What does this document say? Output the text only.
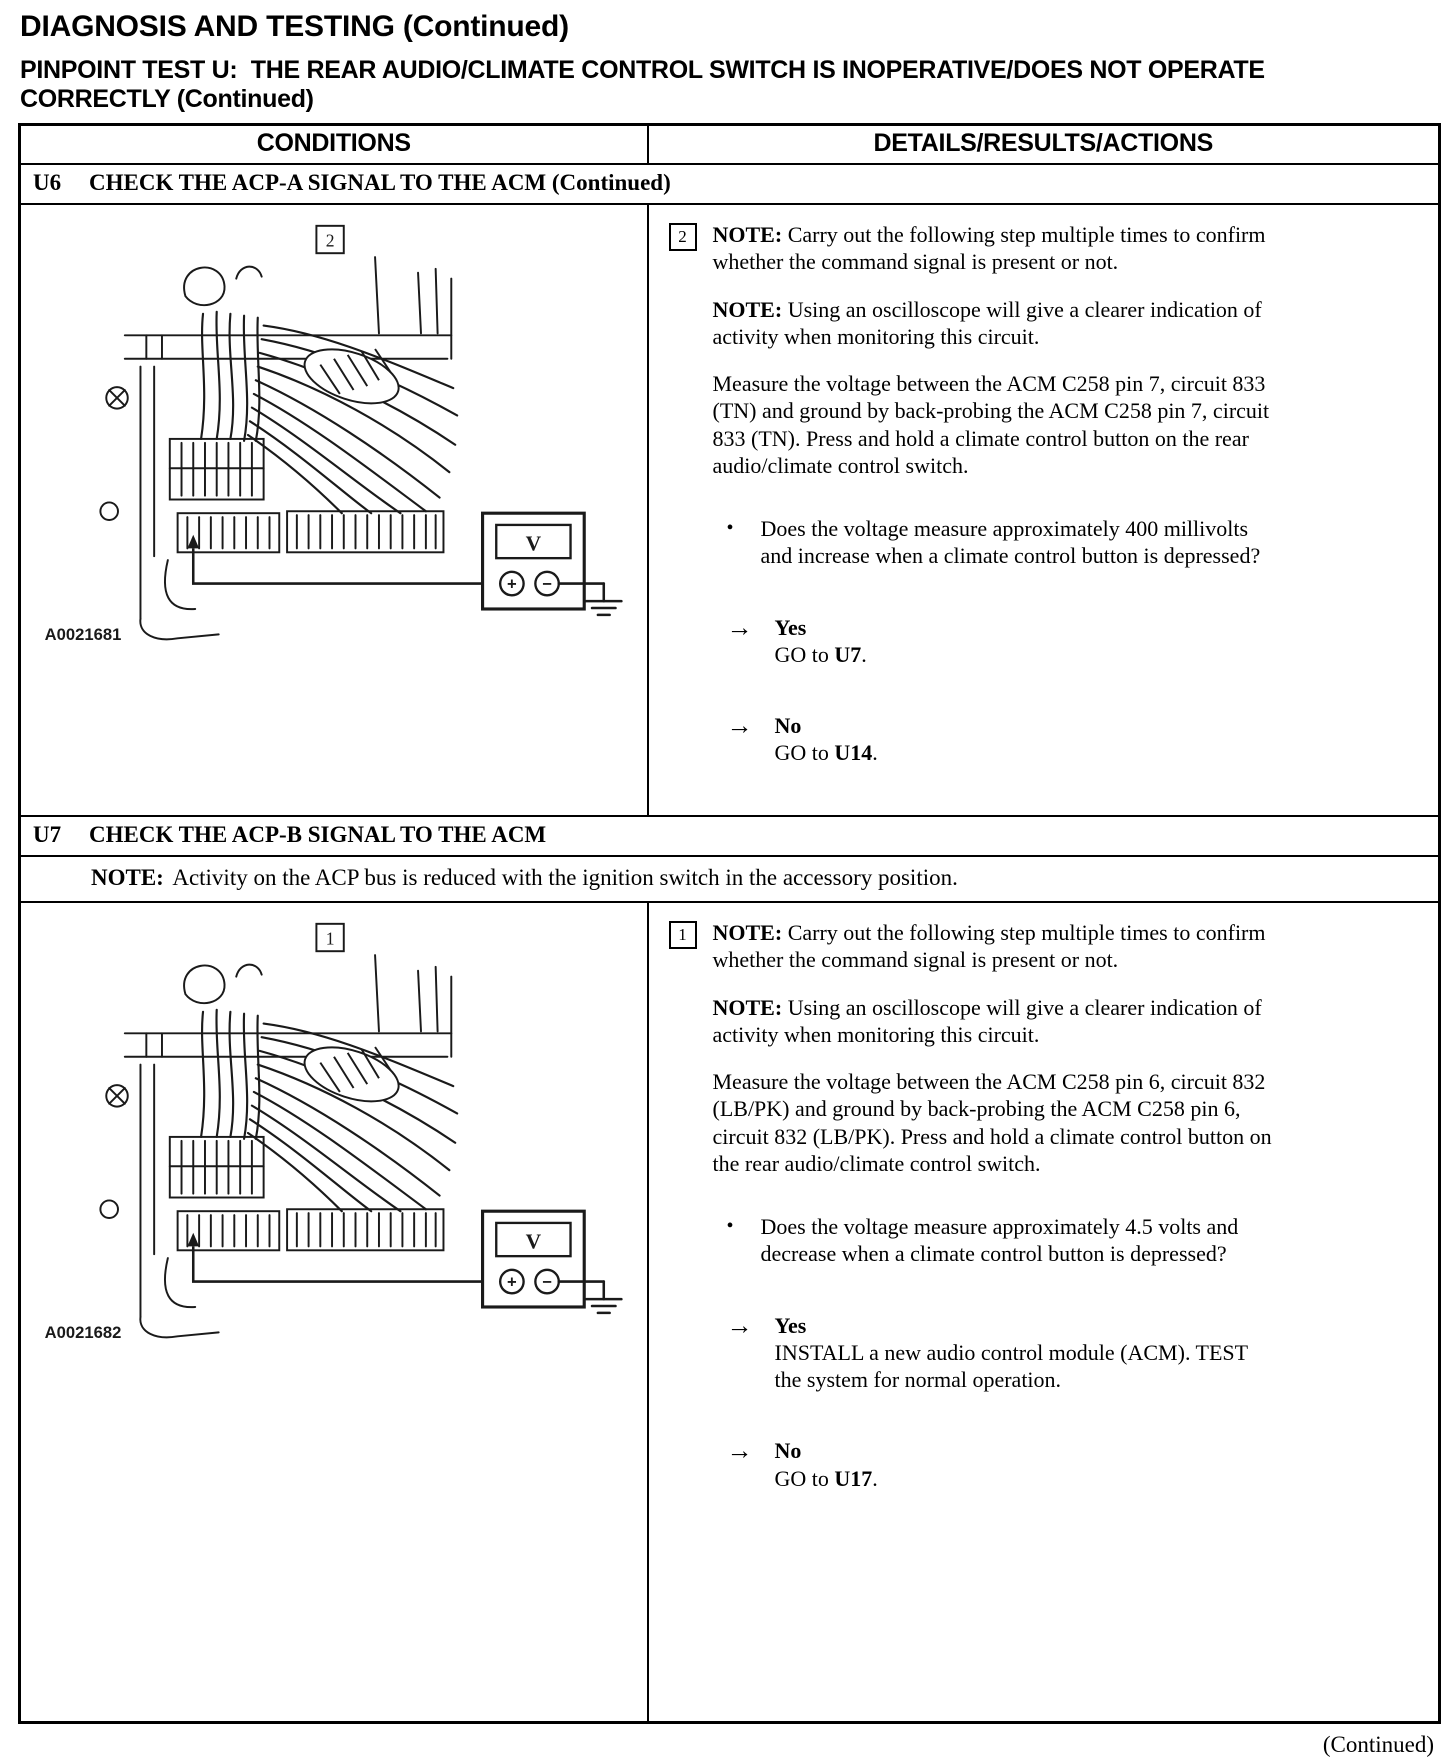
DIAGNOSIS AND TESTING (Continued)
PINPOINT TEST U:  THE REAR AUDIO/CLIMATE CONTROL SWITCH IS INOPERATIVE/DOES NOT OPERATE CORRECTLY (Continued)
CONDITIONS	DETAILS/RESULTS/ACTIONS
U6 CHECK THE ACP-A SIGNAL TO THE ACM (Continued)	

V
+ −
2
A0021681

2	NOTE: Carry out the following step multiple times to confirm whether the command signal is present or not.

NOTE: Using an oscilloscope will give a clearer indication of activity when monitoring this circuit.

Measure the voltage between the ACM C258 pin 7, circuit 833 (TN) and ground by back-probing the ACM C258 pin 7, circuit 833 (TN). Press and hold a climate control button on the rear audio/climate control switch.

•	Does the voltage measure approximately 400 millivolts and increase when a climate control button is depressed?
→	Yes
GO to U7.
→	No
GO to U14.

U7 CHECK THE ACP-B SIGNAL TO THE ACM	
NOTE: Activity on the ACP bus is reduced with the ignition switch in the accessory position.	

V
+ −
1
A0021682

1	NOTE: Carry out the following step multiple times to confirm whether the command signal is present or not.

NOTE: Using an oscilloscope will give a clearer indication of activity when monitoring this circuit.

Measure the voltage between the ACM C258 pin 6, circuit 832 (LB/PK) and ground by back-probing the ACM C258 pin 6, circuit 832 (LB/PK). Press and hold a climate control button on the rear audio/climate control switch.

•	Does the voltage measure approximately 4.5 volts and decrease when a climate control button is depressed?
→	Yes
INSTALL a new audio control module (ACM). TEST the system for normal operation.
→	No
GO to U17.
(Continued)
